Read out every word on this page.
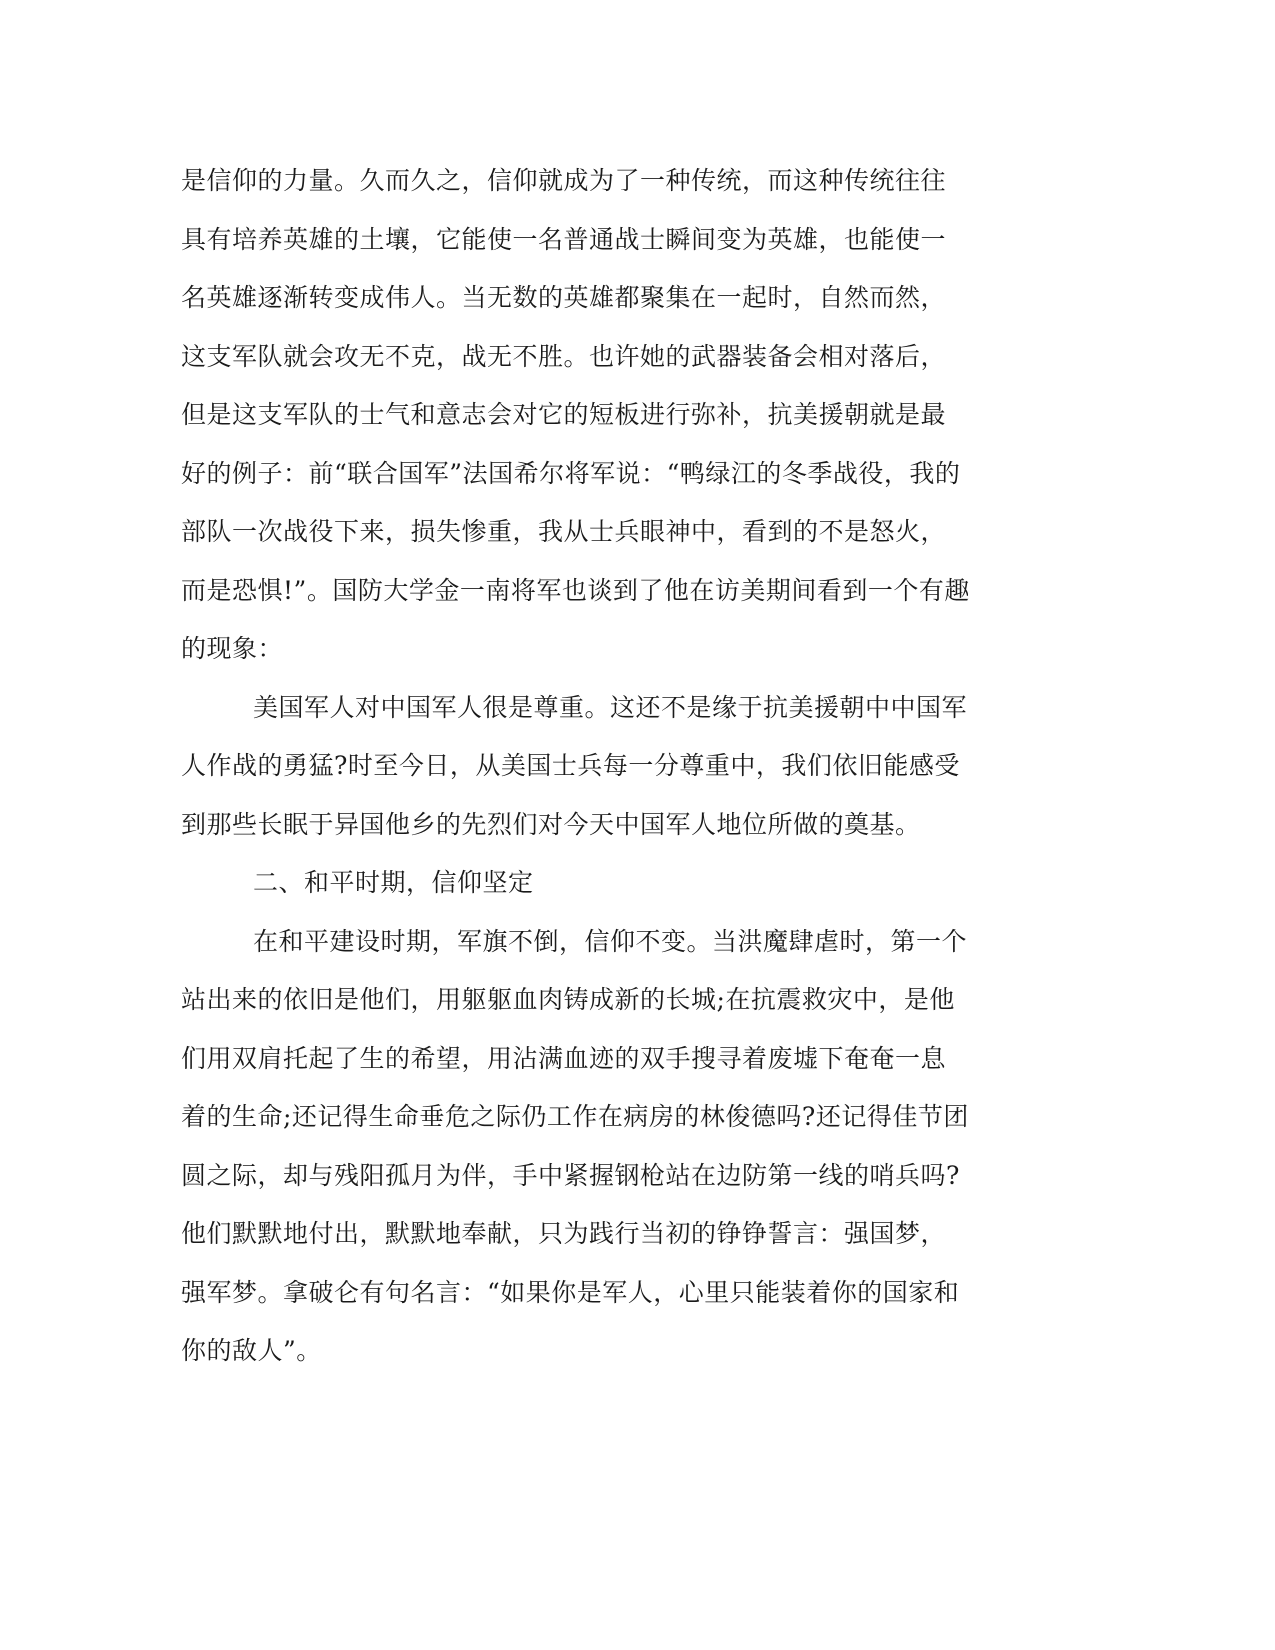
是信仰的力量。久而久之，信仰就成为了一种传统，而这种传统往往
具有培养英雄的土壤，它能使一名普通战士瞬间变为英雄，也能使一
名英雄逐渐转变成伟人。当无数的英雄都聚集在一起时，自然而然，
这支军队就会攻无不克，战无不胜。也许她的武器装备会相对落后，
但是这支军队的士气和意志会对它的短板进行弥补，抗美援朝就是最
好的例子：前“联合国军”法国希尔将军说：“鸭绿江的冬季战役，我的
部队一次战役下来，损失惨重，我从士兵眼神中，看到的不是怒火，
而是恐惧!”。国防大学金一南将军也谈到了他在访美期间看到一个有趣
的现象：
美国军人对中国军人很是尊重。这还不是缘于抗美援朝中中国军
人作战的勇猛?时至今日，从美国士兵每一分尊重中，我们依旧能感受
到那些长眠于异国他乡的先烈们对今天中国军人地位所做的奠基。
二、和平时期，信仰坚定
在和平建设时期，军旗不倒，信仰不变。当洪魔肆虐时，第一个
站出来的依旧是他们，用躯躯血肉铸成新的长城;在抗震救灾中，是他
们用双肩托起了生的希望，用沾满血迹的双手搜寻着废墟下奄奄一息
着的生命;还记得生命垂危之际仍工作在病房的林俊德吗?还记得佳节团
圆之际，却与残阳孤月为伴，手中紧握钢枪站在边防第一线的哨兵吗?
他们默默地付出，默默地奉献，只为践行当初的铮铮誓言：强国梦，
强军梦。拿破仑有句名言：“如果你是军人，心里只能装着你的国家和
你的敌人”。
